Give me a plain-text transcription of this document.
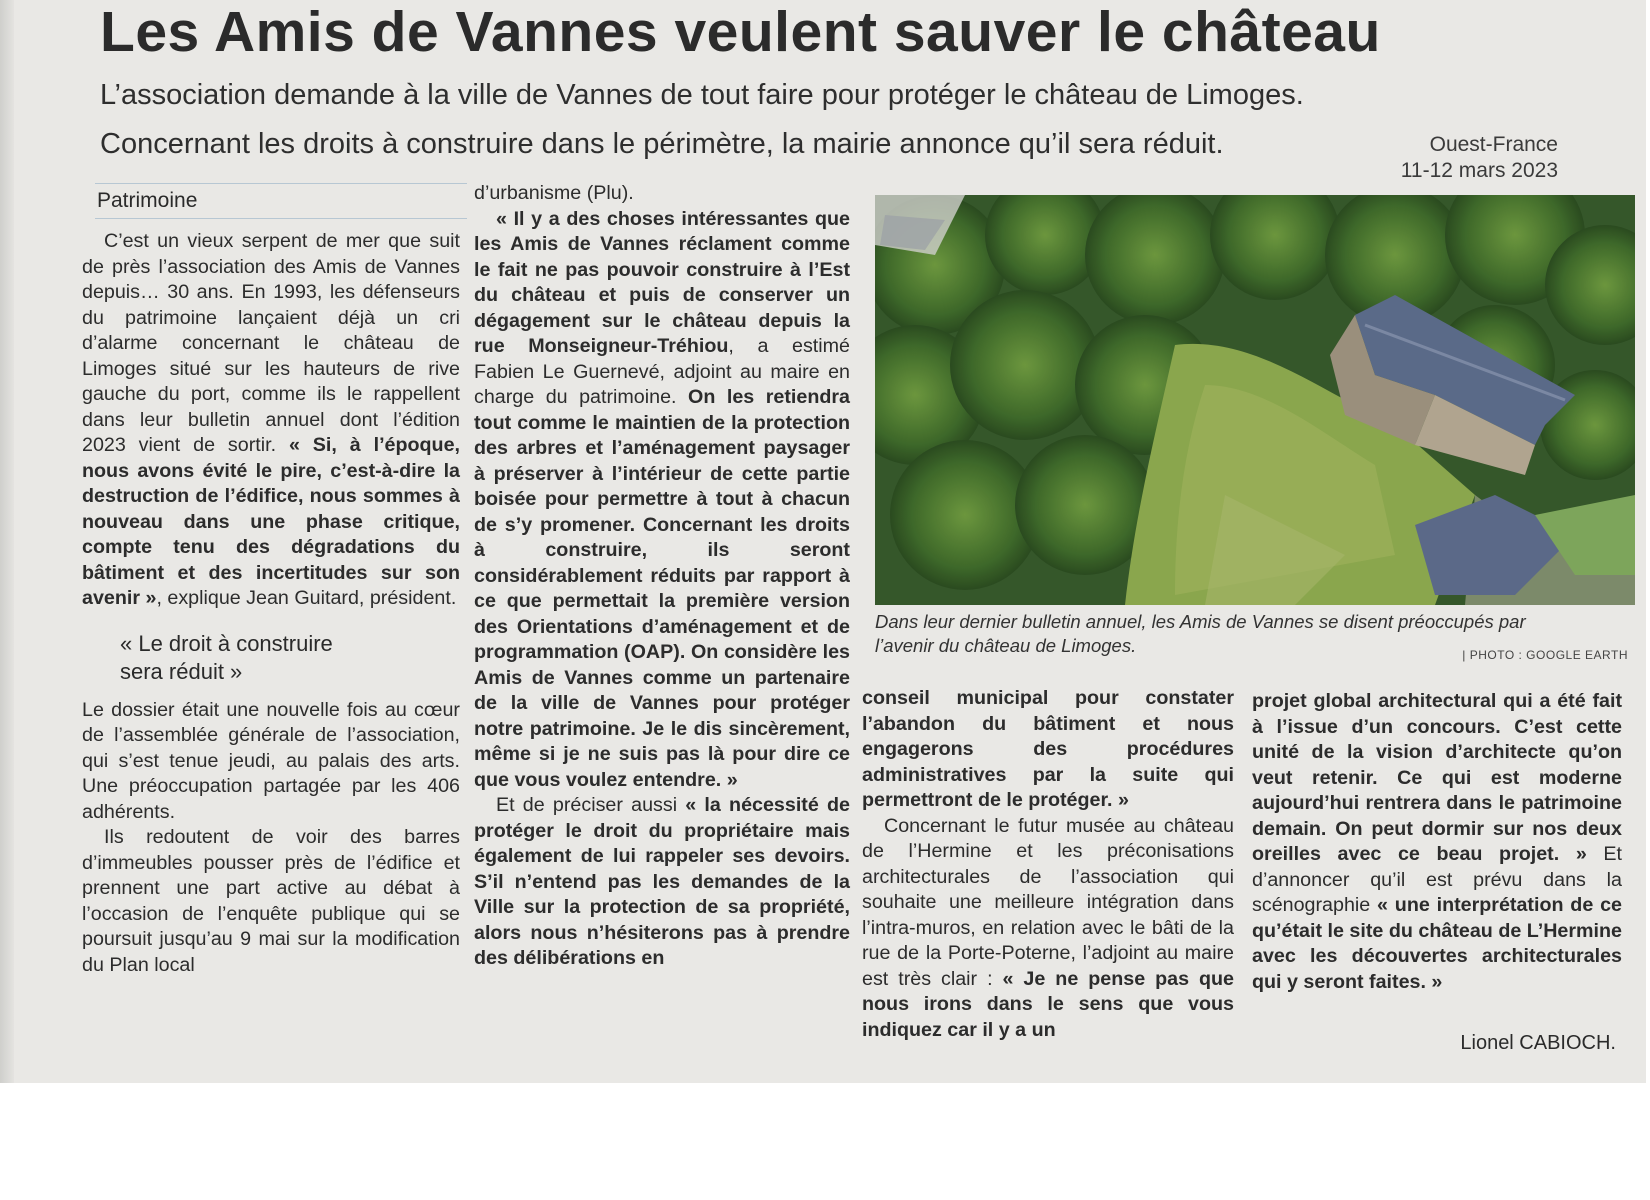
Les Amis de Vannes veulent sauver le château

L’association demande à la ville de Vannes de tout faire pour protéger le château de Limoges.

Concernant les droits à construire dans le périmètre, la mairie annonce qu’il sera réduit.	Ouest-France
11-12 mars 2023
Patrimoine

C’est un vieux serpent de mer que suit de près l’association des Amis de Vannes depuis… 30 ans. En 1993, les défenseurs du patrimoine lançaient déjà un cri d’alarme concernant le château de Limoges situé sur les hauteurs de rive gauche du port, comme ils le rappellent dans leur bulletin annuel dont l’édition 2023 vient de sortir. « Si, à l’époque, nous avons évité le pire, c’est-à-dire la destruction de l’édifice, nous sommes à nouveau dans une phase critique, compte tenu des dégradations du bâtiment et des incertitudes sur son avenir », explique Jean Guitard, président.

« Le droit à construire
sera réduit »

Le dossier était une nouvelle fois au cœur de l’assemblée générale de l’association, qui s’est tenue jeudi, au palais des arts. Une préoccupation partagée par les 406 adhérents.

Ils redoutent de voir des barres d’immeubles pousser près de l’édifice et prennent une part active au débat à l’occasion de l’enquête publique qui se poursuit jusqu’au 9 mai sur la modification du Plan local

d’urbanisme (Plu).

« Il y a des choses intéressantes que les Amis de Vannes réclament comme le fait ne pas pouvoir construire à l’Est du château et puis de conserver un dégagement sur le château depuis la rue Monseigneur-Tréhiou, a estimé Fabien Le Guernevé, adjoint au maire en charge du patrimoine. On les retiendra tout comme le maintien de la protection des arbres et l’aménagement paysager à préserver à l’intérieur de cette partie boisée pour permettre à tout à chacun de s’y promener. Concernant les droits à construire, ils seront considérablement réduits par rapport à ce que permettait la première version des Orientations d’aménagement et de programmation (OAP). On considère les Amis de Vannes comme un partenaire de la ville de Vannes pour protéger notre patrimoine. Je le dis sincèrement, même si je ne suis pas là pour dire ce que vous voulez entendre. »

Et de préciser aussi « la nécessité de protéger le droit du propriétaire mais également de lui rappeler ses devoirs. S’il n’entend pas les demandes de la Ville sur la protection de sa propriété, alors nous n’hésiterons pas à prendre des délibérations en

Dans leur dernier bulletin annuel, les Amis de Vannes se disent préoccupés par l’avenir du château de Limoges.	| PHOTO : GOOGLE EARTH

conseil municipal pour constater l’abandon du bâtiment et nous engagerons des procédures administratives par la suite qui permettront de le protéger. »

Concernant le futur musée au château de l’Hermine et les préconisations architecturales de l’association qui souhaite une meilleure intégration dans l’intra-muros, en relation avec le bâti de la rue de la Porte-Poterne, l’adjoint au maire est très clair : « Je ne pense pas que nous irons dans le sens que vous indiquez car il y a un

projet global architectural qui a été fait à l’issue d’un concours. C’est cette unité de la vision d’architecte qu’on veut retenir. Ce qui est moderne aujourd’hui rentrera dans le patrimoine demain. On peut dormir sur nos deux oreilles avec ce beau projet. » Et d’annoncer qu’il est prévu dans la scénographie « une interprétation de ce qu’était le site du château de L’Hermine avec les découvertes architecturales qui y seront faites. »

Lionel CABIOCH.
